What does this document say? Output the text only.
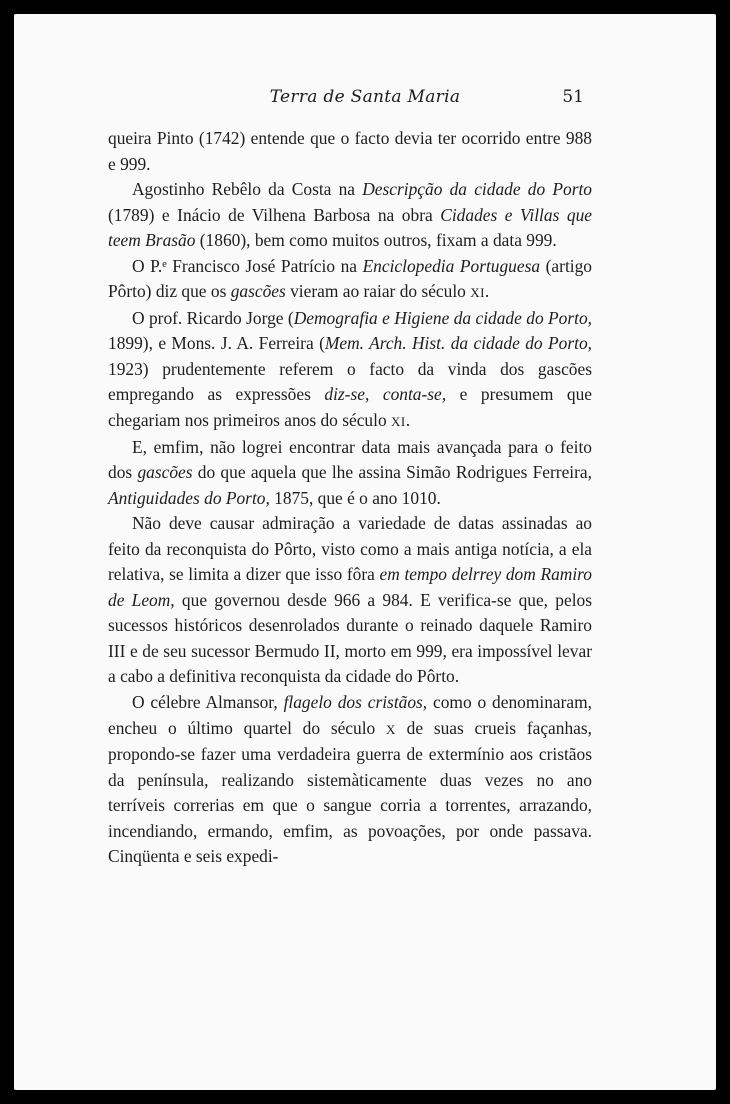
Terra de Santa Maria	51

queira Pinto (1742) entende que o facto devia ter ocorrido entre 988 e 999.

Agostinho Rebêlo da Costa na Descripção da cidade do Porto (1789) e Inácio de Vilhena Barbosa na obra Cidades e Villas que teem Brasão (1860), bem como muitos outros, fixam a data 999.

O P.ᵉ Francisco José Patrício na Enciclopedia Portuguesa (artigo Pôrto) diz que os gascões vieram ao raiar do século XI.

O prof. Ricardo Jorge (Demografia e Higiene da cidade do Porto, 1899), e Mons. J. A. Ferreira (Mem. Arch. Hist. da cidade do Porto, 1923) prudentemente referem o facto da vinda dos gascões empregando as expressões diz-se, conta-se, e presumem que chegariam nos primeiros anos do século XI.

E, emfim, não logrei encontrar data mais avançada para o feito dos gascões do que aquela que lhe assina Simão Rodrigues Ferreira, Antiguidades do Porto, 1875, que é o ano 1010.

Não deve causar admiração a variedade de datas assinadas ao feito da reconquista do Pôrto, visto como a mais antiga notícia, a ela relativa, se limita a dizer que isso fôra em tempo delrrey dom Ramiro de Leom, que governou desde 966 a 984. E verifica-se que, pelos sucessos históricos desenrolados durante o reinado daquele Ramiro III e de seu sucessor Bermudo II, morto em 999, era impossível levar a cabo a definitiva reconquista da cidade do Pôrto.

O célebre Almansor, flagelo dos cristãos, como o denominaram, encheu o último quartel do século X de suas crueis façanhas, propondo-se fazer uma verdadeira guerra de extermínio aos cristãos da península, realizando sistemàticamente duas vezes no ano terríveis correrias em que o sangue corria a torrentes, arrazando, incendiando, ermando, emfim, as povoações, por onde passava. Cinqüenta e seis expedi-
